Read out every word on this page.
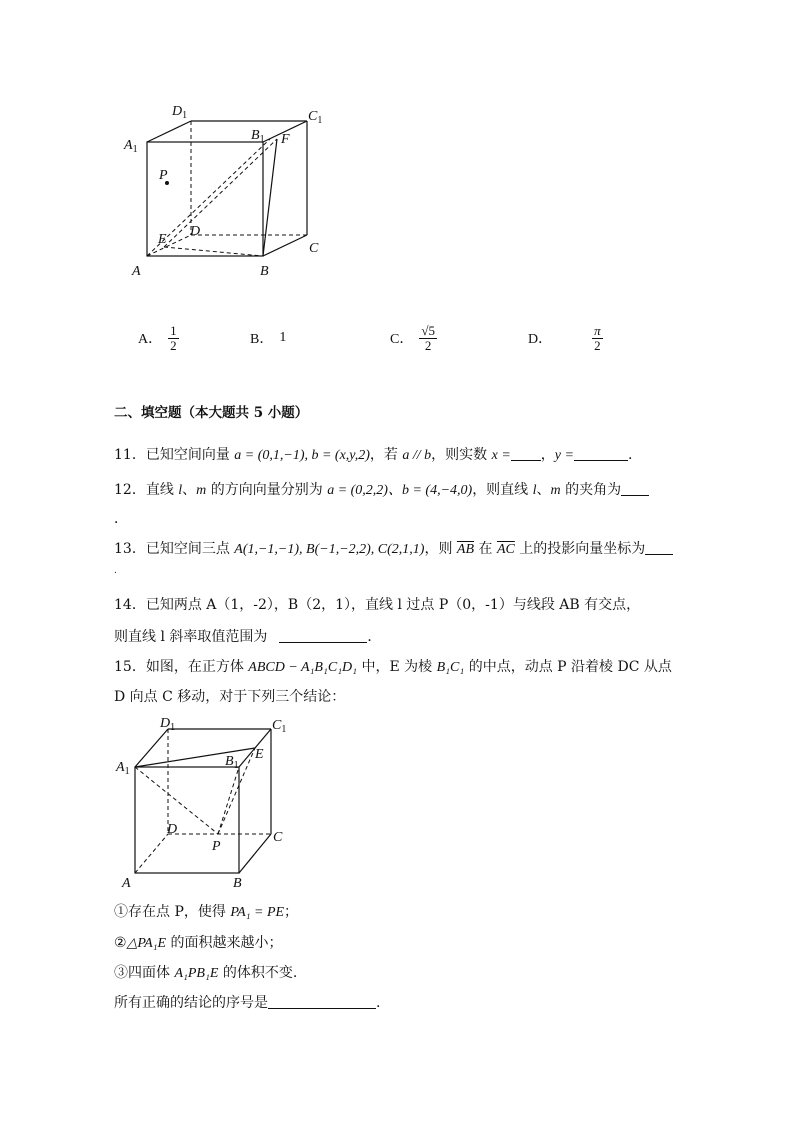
$D_1$	$C_1$
$A_1$
$B_1$ F
P
E
D
C
A	B
A． $\frac{1}{2}$	B． 1	C． $\frac{√5}{2}$	D．	$\frac{\pi}{2}$
二、填空题（本大题共 5 小题）
11．已知空间向量 a = (0,1,−1), b = (x,y,2)，若 a // b，则实数 x = ，y =	.
12．直线 l、m 的方向向量分别为 a = (0,2,2)、b = (4,−4,0)，则直线 l、m 的夹角为
．
13．已知空间三点 A(1,−1,−1), B(−1,−2,2), C(2,1,1)，则 $\overline{AB}$ 在 $\overline{AC}$ 上的投影向量坐标为
.
14．已知两点 A（1，-2），B（2，1），直线 l 过点 P（0，-1）与线段 AB 有交点，
则直线 l 斜率取值范围为	．
15．如图，在正方体 ABCD − A₁B₁C₁D₁ 中，E 为棱 B₁C₁ 的中点，动点 P 沿着棱 DC 从点
D 向点 C 移动，对于下列三个结论：
$D_1$	$C_1$
$A_1$
$B_1$
E
D
C
P
A	B
①存在点 P，使得 PA₁ = PE；
②△PA₁E 的面积越来越小；
③四面体 A₁PB₁E 的体积不变.
所有正确的结论的序号是	.
